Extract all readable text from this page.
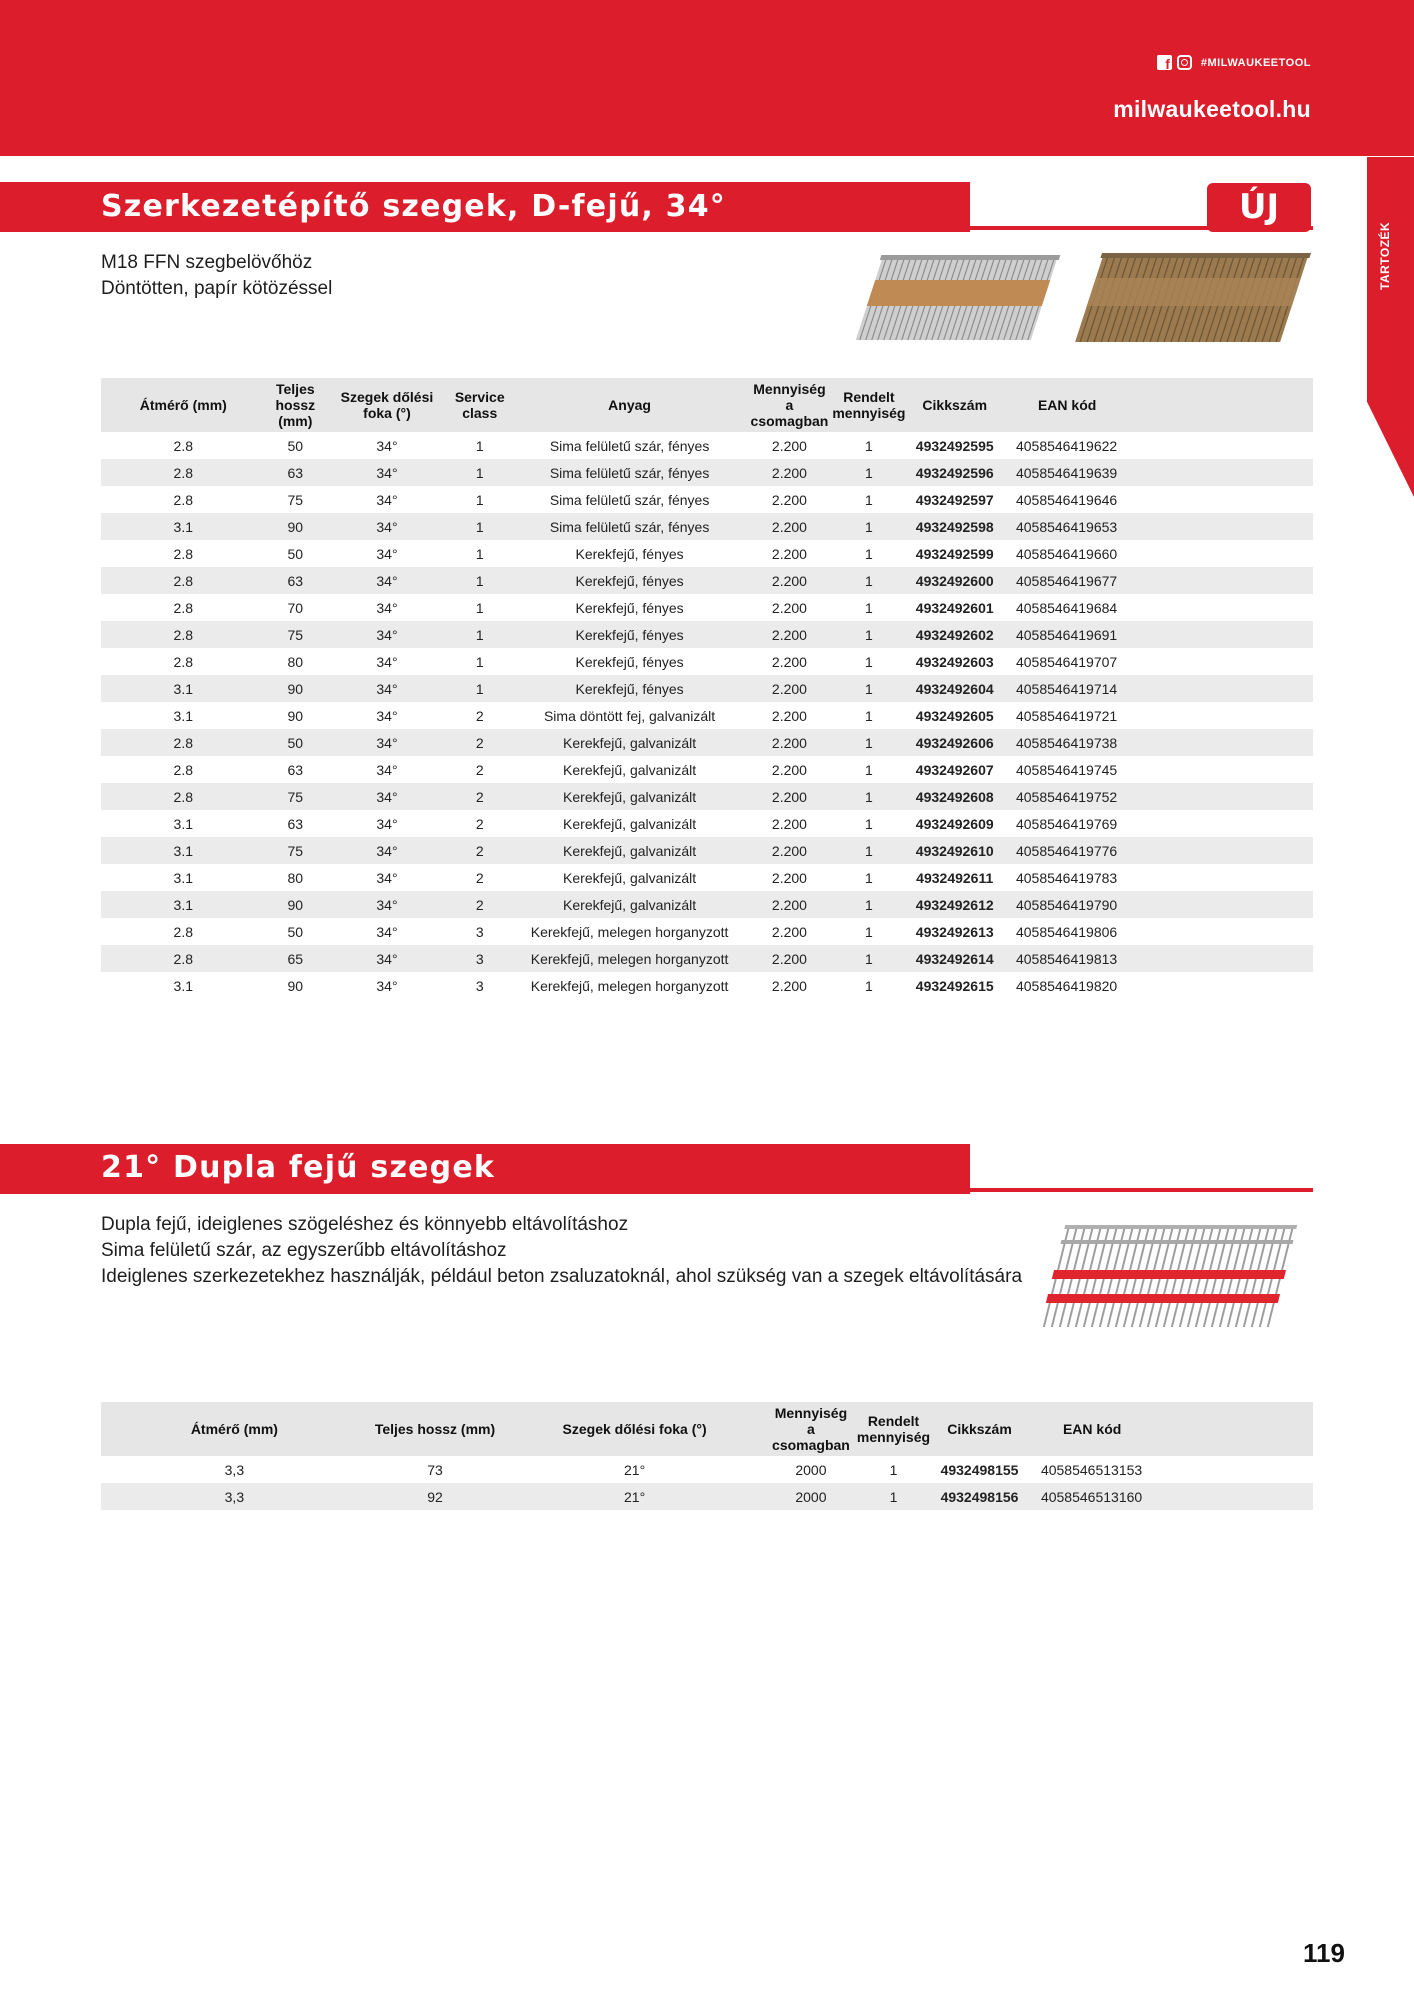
f
#MILWAUKEETOOL
milwaukeetool.hu
TARTOZÉK
Szerkezetépítő szegek, D-fejű, 34°	ÚJ
M18 FFN szegbelövőhöz
Döntötten, papír kötözéssel
Átmérő (mm)	Teljes hossz (mm)	Szegek dőlési foka (°)	Service class	Anyag	Mennyiség a csomagban	Rendelt mennyiség	Cikkszám	EAN kód
2.8	50	34°	1	Sima felületű szár, fényes	2.200	1	4932492595	4058546419622
2.8	63	34°	1	Sima felületű szár, fényes	2.200	1	4932492596	4058546419639
2.8	75	34°	1	Sima felületű szár, fényes	2.200	1	4932492597	4058546419646
3.1	90	34°	1	Sima felületű szár, fényes	2.200	1	4932492598	4058546419653
2.8	50	34°	1	Kerekfejű, fényes	2.200	1	4932492599	4058546419660
2.8	63	34°	1	Kerekfejű, fényes	2.200	1	4932492600	4058546419677
2.8	70	34°	1	Kerekfejű, fényes	2.200	1	4932492601	4058546419684
2.8	75	34°	1	Kerekfejű, fényes	2.200	1	4932492602	4058546419691
2.8	80	34°	1	Kerekfejű, fényes	2.200	1	4932492603	4058546419707
3.1	90	34°	1	Kerekfejű, fényes	2.200	1	4932492604	4058546419714
3.1	90	34°	2	Sima döntött fej, galvanizált	2.200	1	4932492605	4058546419721
2.8	50	34°	2	Kerekfejű, galvanizált	2.200	1	4932492606	4058546419738
2.8	63	34°	2	Kerekfejű, galvanizált	2.200	1	4932492607	4058546419745
2.8	75	34°	2	Kerekfejű, galvanizált	2.200	1	4932492608	4058546419752
3.1	63	34°	2	Kerekfejű, galvanizált	2.200	1	4932492609	4058546419769
3.1	75	34°	2	Kerekfejű, galvanizált	2.200	1	4932492610	4058546419776
3.1	80	34°	2	Kerekfejű, galvanizált	2.200	1	4932492611	4058546419783
3.1	90	34°	2	Kerekfejű, galvanizált	2.200	1	4932492612	4058546419790
2.8	50	34°	3	Kerekfejű, melegen horganyzott	2.200	1	4932492613	4058546419806
2.8	65	34°	3	Kerekfejű, melegen horganyzott	2.200	1	4932492614	4058546419813
3.1	90	34°	3	Kerekfejű, melegen horganyzott	2.200	1	4932492615	4058546419820
21° Dupla fejű szegek
Dupla fejű, ideiglenes szögeléshez és könnyebb eltávolításhoz
Sima felületű szár, az egyszerűbb eltávolításhoz
Ideiglenes szerkezetekhez használják, például beton zsaluzatoknál, ahol szükség van a szegek eltávolítására
Átmérő (mm)	Teljes hossz (mm)	Szegek dőlési foka (°)	Mennyiség a csomagban	Rendelt mennyiség	Cikkszám	EAN kód
3,3	73	21°	2000	1	4932498155	4058546513153
3,3	92	21°	2000	1	4932498156	4058546513160
119
